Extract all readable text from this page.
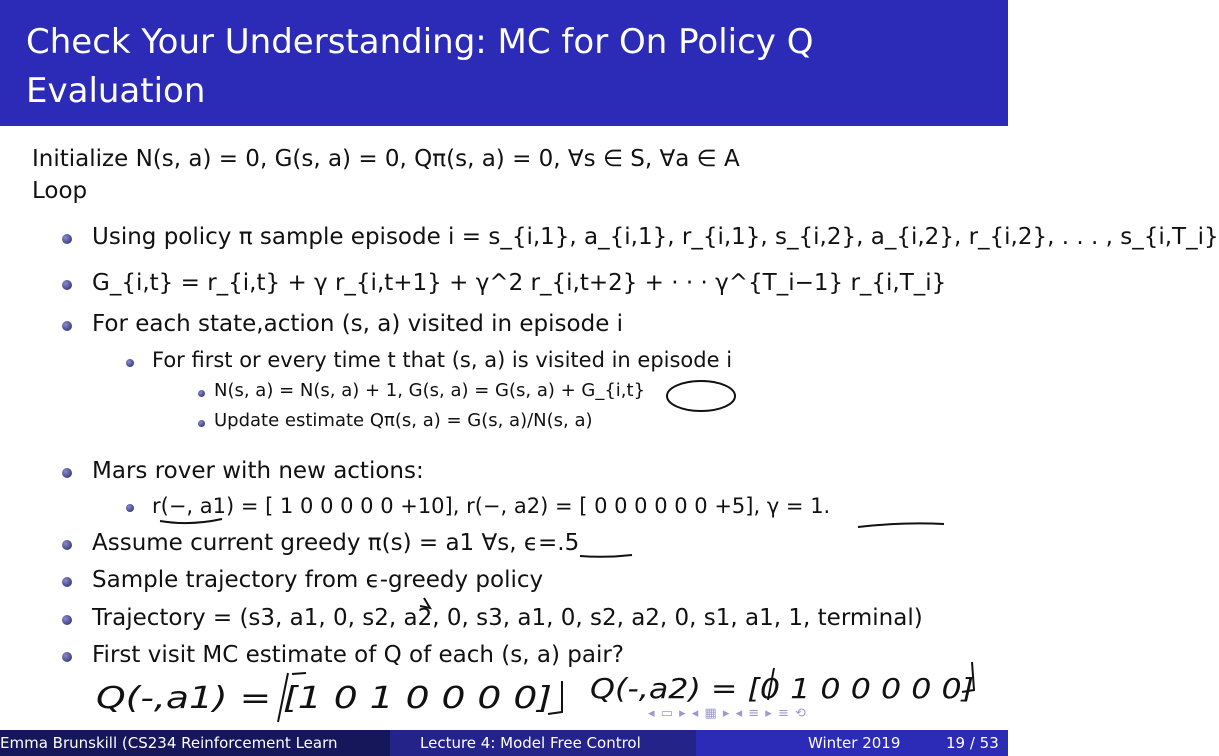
Check Your Understanding: MC for On Policy Q Evaluation
Initialize N(s, a) = 0, G(s, a) = 0, Qπ(s, a) = 0, ∀s ∈ S, ∀a ∈ A
Loop
Using policy π sample episode i = s_{i,1}, a_{i,1}, r_{i,1}, s_{i,2}, a_{i,2}, r_{i,2}, . . . , s_{i,T_i}
G_{i,t} = r_{i,t} + γ r_{i,t+1} + γ^2 r_{i,t+2} + · · · γ^{T_i−1} r_{i,T_i}
For each state,action (s, a) visited in episode i
For first or every time t that (s, a) is visited in episode i
N(s, a) = N(s, a) + 1, G(s, a) = G(s, a) + G_{i,t}
Update estimate Qπ(s, a) = G(s, a)/N(s, a)
Mars rover with new actions:
r(−, a1) = [ 1 0 0 0 0 0 +10], r(−, a2) = [ 0 0 0 0 0 0 +5], γ = 1.
Assume current greedy π(s) = a1 ∀s, ϵ=.5
Sample trajectory from ϵ-greedy policy
Trajectory = (s3, a1, 0, s2, a2, 0, s3, a1, 0, s2, a2, 0, s1, a1, 1, terminal)
First visit MC estimate of Q of each (s, a) pair?
Q(-,a1) = [1 0 1 0 0 0 0] Q(-,a2) = [0 1 0 0 0 0 0]
◂ ▭ ▸ ◂ ▦ ▸ ◂ ≡ ▸ ≡ ⟲
Emma Brunskill (CS234 Reinforcement Learn	Lecture 4: Model Free Control	Winter 2019	19 / 53
